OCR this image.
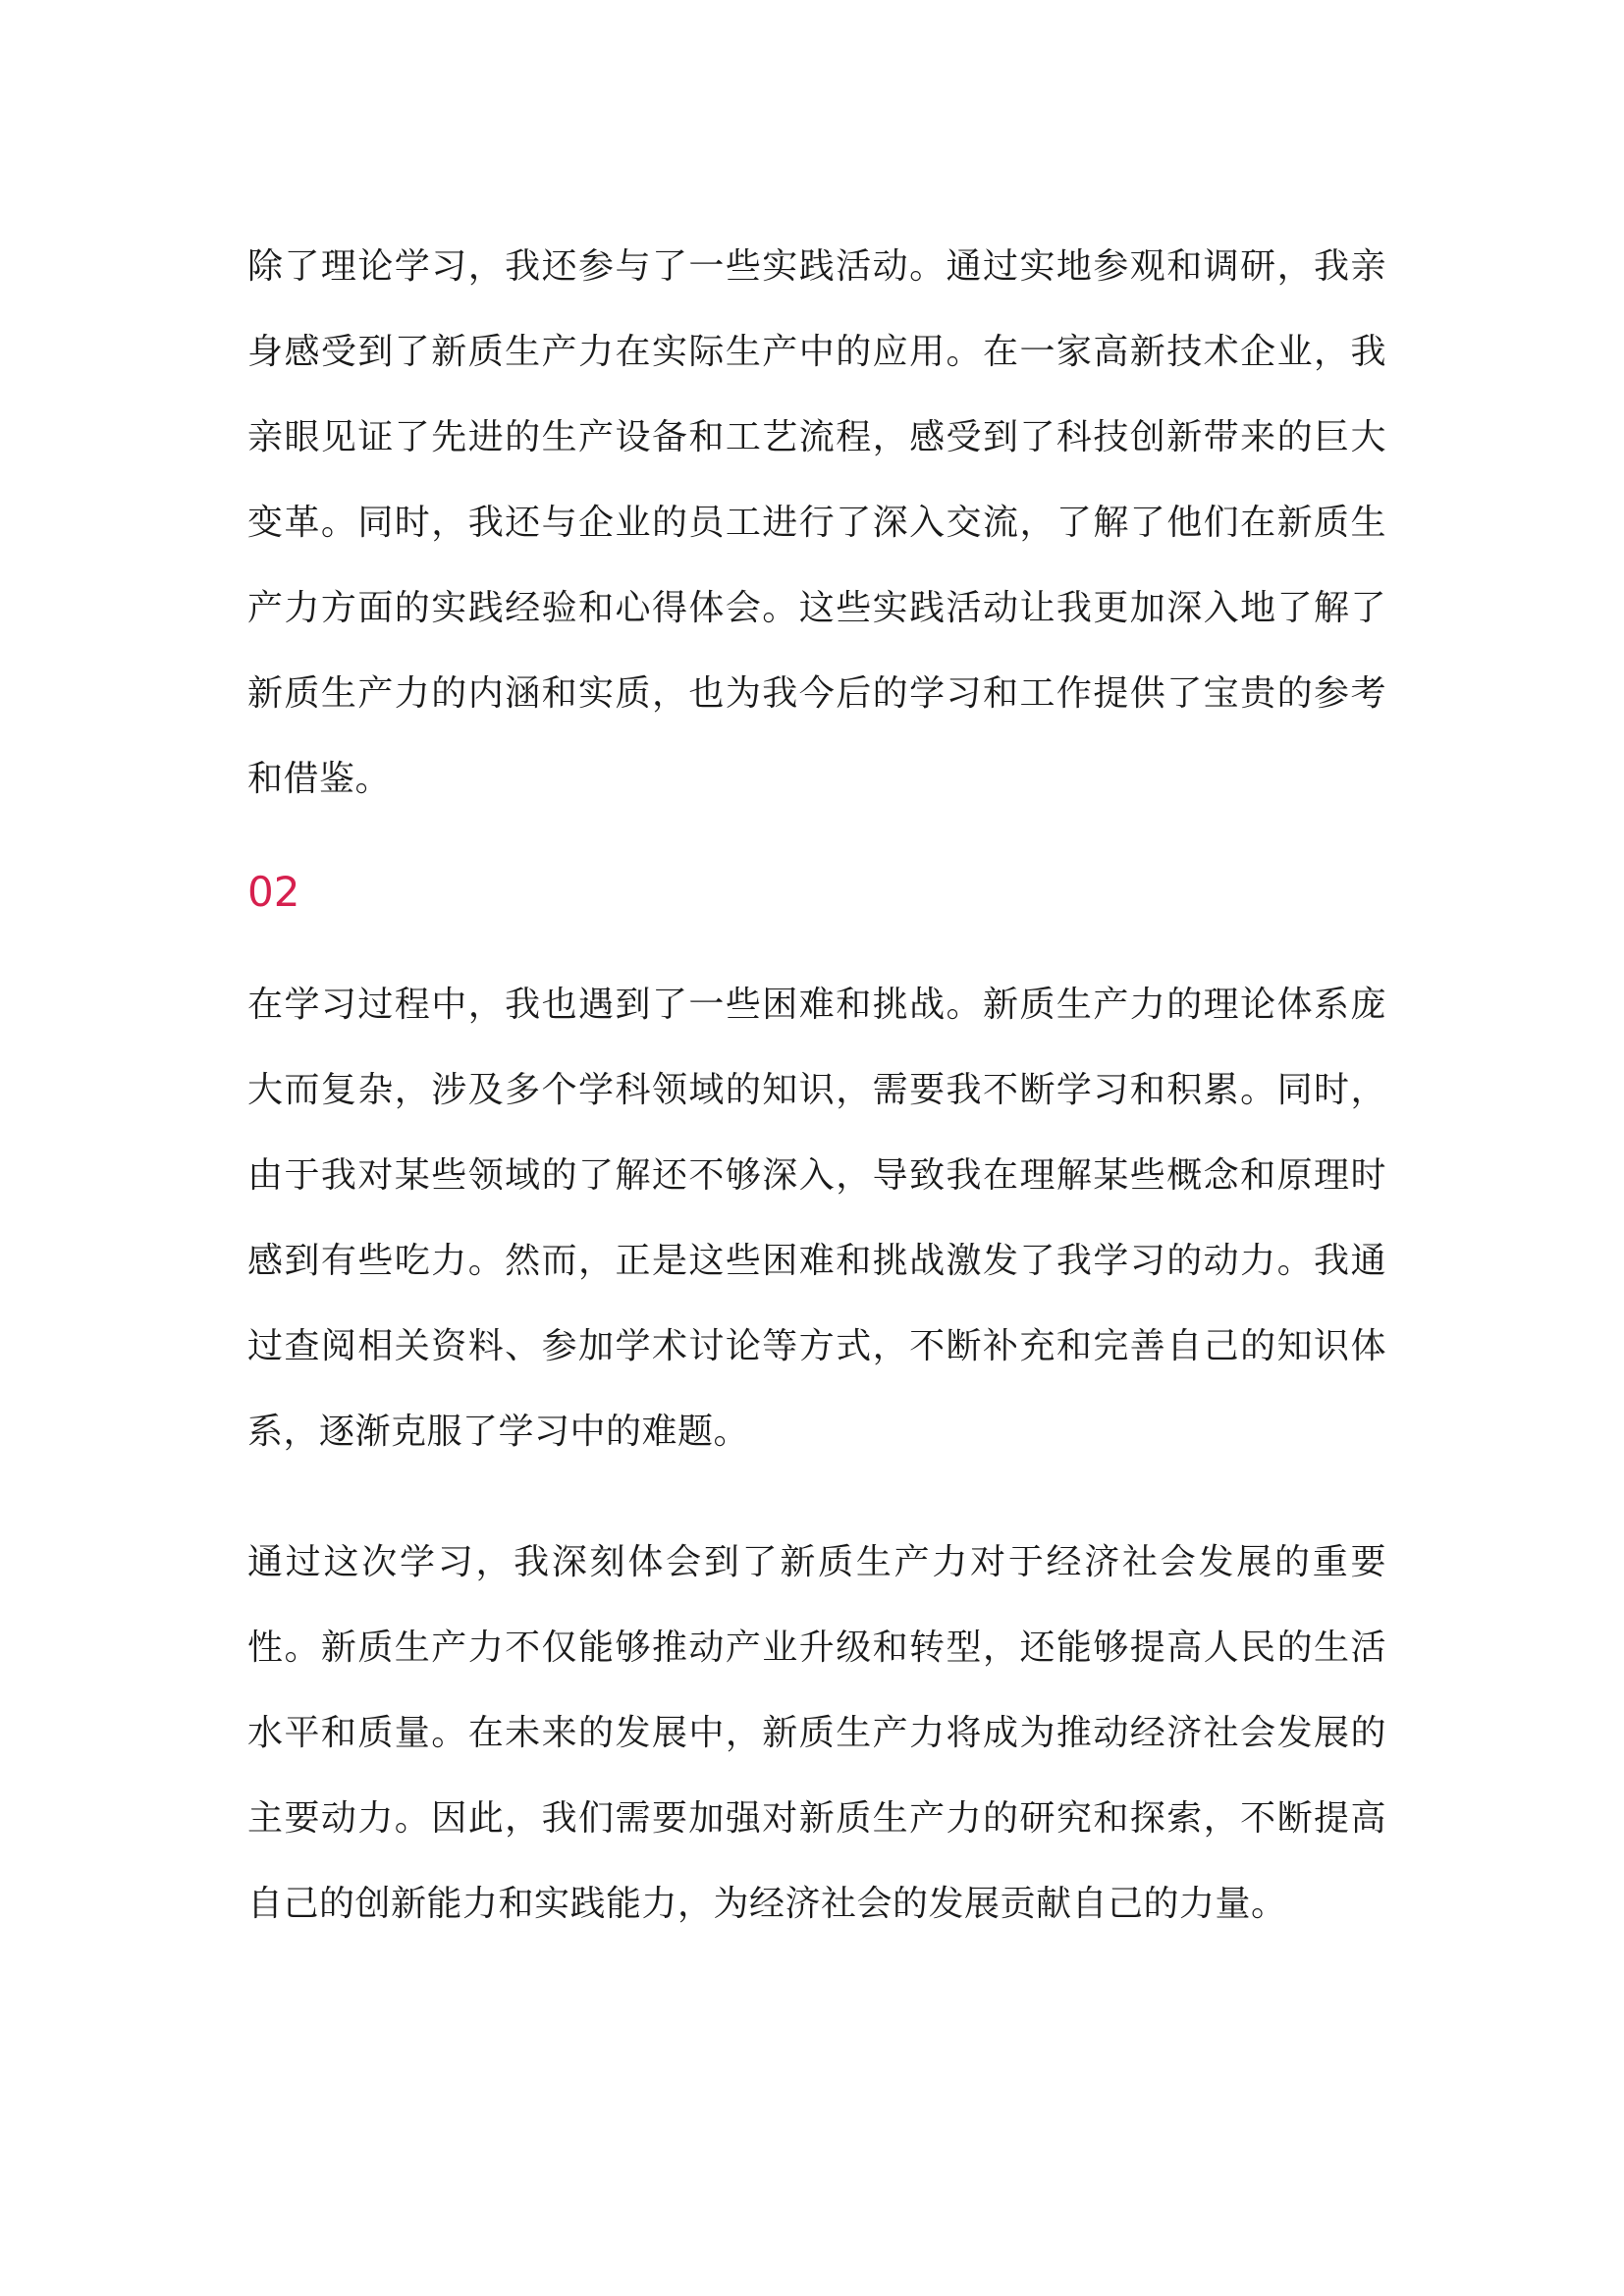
除了理论学习，我还参与了一些实践活动。通过实地参观和调研，我亲身感受到了新质生产力在实际生产中的应用。在一家高新技术企业，我亲眼见证了先进的生产设备和工艺流程，感受到了科技创新带来的巨大变革。同时，我还与企业的员工进行了深入交流，了解了他们在新质生产力方面的实践经验和心得体会。这些实践活动让我更加深入地了解了新质生产力的内涵和实质，也为我今后的学习和工作提供了宝贵的参考和借鉴。

02

在学习过程中，我也遇到了一些困难和挑战。新质生产力的理论体系庞大而复杂，涉及多个学科领域的知识，需要我不断学习和积累。同时，由于我对某些领域的了解还不够深入，导致我在理解某些概念和原理时感到有些吃力。然而，正是这些困难和挑战激发了我学习的动力。我通过查阅相关资料、参加学术讨论等方式，不断补充和完善自己的知识体系，逐渐克服了学习中的难题。

通过这次学习，我深刻体会到了新质生产力对于经济社会发展的重要性。新质生产力不仅能够推动产业升级和转型，还能够提高人民的生活水平和质量。在未来的发展中，新质生产力将成为推动经济社会发展的主要动力。因此，我们需要加强对新质生产力的研究和探索，不断提高自己的创新能力和实践能力，为经济社会的发展贡献自己的力量。
